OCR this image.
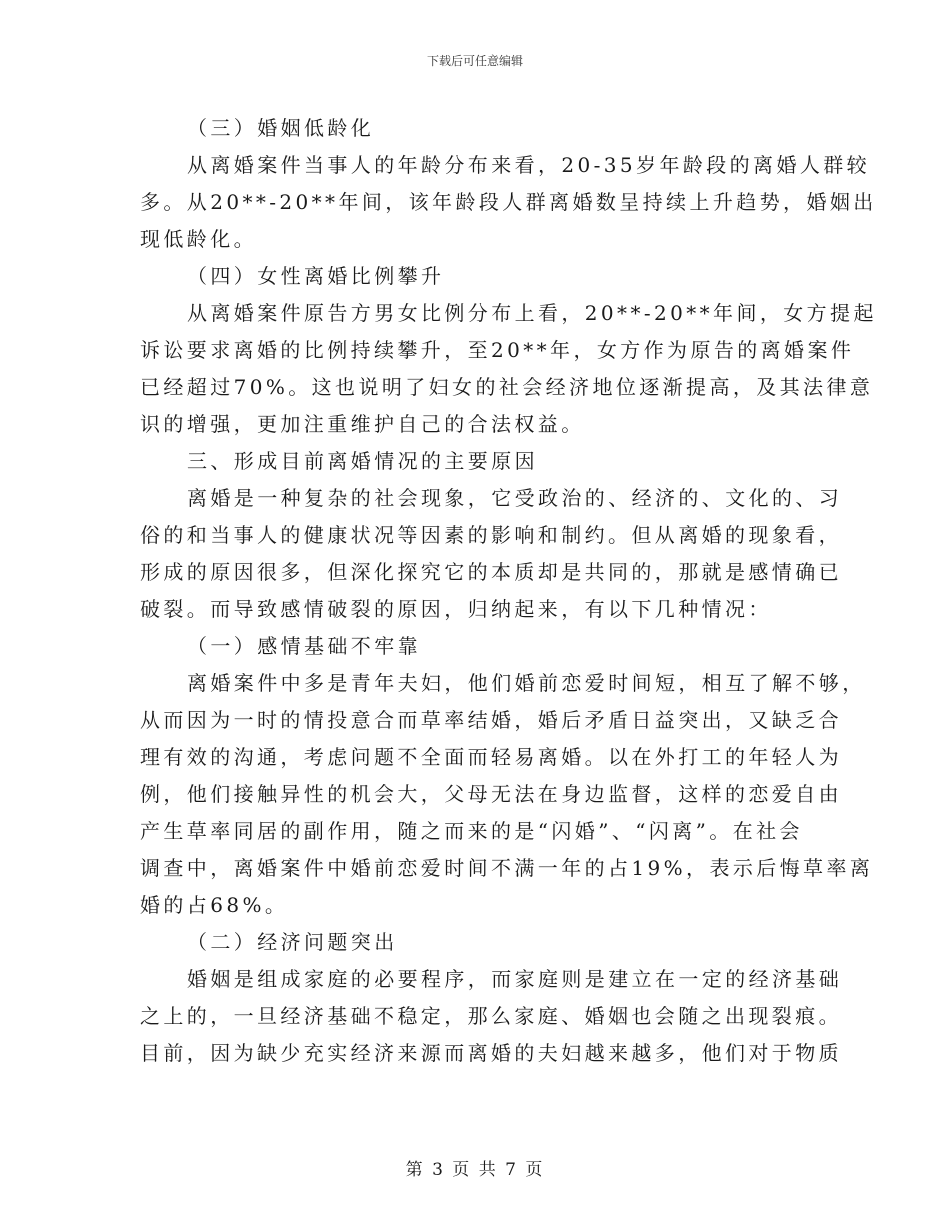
下载后可任意编辑
（三）婚姻低龄化
从离婚案件当事人的年龄分布来看，20-35岁年龄段的离婚人群较
多。从20**-20**年间，该年龄段人群离婚数呈持续上升趋势，婚姻出
现低龄化。
（四）女性离婚比例攀升
从离婚案件原告方男女比例分布上看，20**-20**年间，女方提起
诉讼要求离婚的比例持续攀升，至20**年，女方作为原告的离婚案件
已经超过70%。这也说明了妇女的社会经济地位逐渐提高，及其法律意
识的增强，更加注重维护自己的合法权益。
三、形成目前离婚情况的主要原因
离婚是一种复杂的社会现象，它受政治的、经济的、文化的、习
俗的和当事人的健康状况等因素的影响和制约。但从离婚的现象看，
形成的原因很多，但深化探究它的本质却是共同的，那就是感情确已
破裂。而导致感情破裂的原因，归纳起来，有以下几种情况：
（一）感情基础不牢靠
离婚案件中多是青年夫妇，他们婚前恋爱时间短，相互了解不够，
从而因为一时的情投意合而草率结婚，婚后矛盾日益突出，又缺乏合
理有效的沟通，考虑问题不全面而轻易离婚。以在外打工的年轻人为
例，他们接触异性的机会大，父母无法在身边监督，这样的恋爱自由
产生草率同居的副作用，随之而来的是“闪婚”、“闪离”。在社会
调查中，离婚案件中婚前恋爱时间不满一年的占19%，表示后悔草率离
婚的占68%。
（二）经济问题突出
婚姻是组成家庭的必要程序，而家庭则是建立在一定的经济基础
之上的，一旦经济基础不稳定，那么家庭、婚姻也会随之出现裂痕。
目前，因为缺少充实经济来源而离婚的夫妇越来越多，他们对于物质
第 3 页 共 7 页
